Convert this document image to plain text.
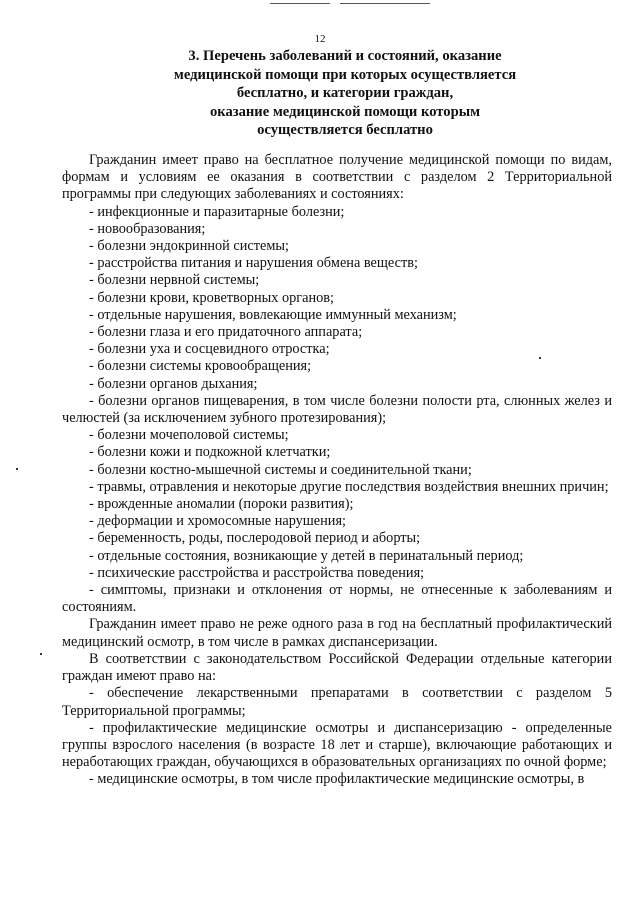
12
3. Перечень заболеваний и состояний, оказание
медицинской помощи при которых осуществляется
бесплатно, и категории граждан,
оказание медицинской помощи которым
осуществляется бесплатно
Гражданин имеет право на бесплатное получение медицинской помощи по видам, формам и условиям ее оказания в соответствии с разделом 2 Территориальной программы при следующих заболеваниях и состояниях:
- инфекционные и паразитарные болезни;
- новообразования;
- болезни эндокринной системы;
- расстройства питания и нарушения обмена веществ;
- болезни нервной системы;
- болезни крови, кроветворных органов;
- отдельные нарушения, вовлекающие иммунный механизм;
- болезни глаза и его придаточного аппарата;
- болезни уха и сосцевидного отростка;
- болезни системы кровообращения;
- болезни органов дыхания;
- болезни органов пищеварения, в том числе болезни полости рта, слюнных желез и челюстей (за исключением зубного протезирования);
- болезни мочеполовой системы;
- болезни кожи и подкожной клетчатки;
- болезни костно-мышечной системы и соединительной ткани;
- травмы, отравления и некоторые другие последствия воздействия внешних причин;
- врожденные аномалии (пороки развития);
- деформации и хромосомные нарушения;
- беременность, роды, послеродовой период и аборты;
- отдельные состояния, возникающие у детей в перинатальный период;
- психические расстройства и расстройства поведения;
- симптомы, признаки и отклонения от нормы, не отнесенные к заболеваниям и состояниям.
Гражданин имеет право не реже одного раза в год на бесплатный профилактический медицинский осмотр, в том числе в рамках диспансеризации.
В соответствии с законодательством Российской Федерации отдельные категории граждан имеют право на:
- обеспечение лекарственными препаратами в соответствии с разделом 5 Территориальной программы;
- профилактические медицинские осмотры и диспансеризацию - определенные группы взрослого населения (в возрасте 18 лет и старше), включающие работающих и неработающих граждан, обучающихся в образовательных организациях по очной форме;
- медицинские осмотры, в том числе профилактические медицинские осмотры, в
